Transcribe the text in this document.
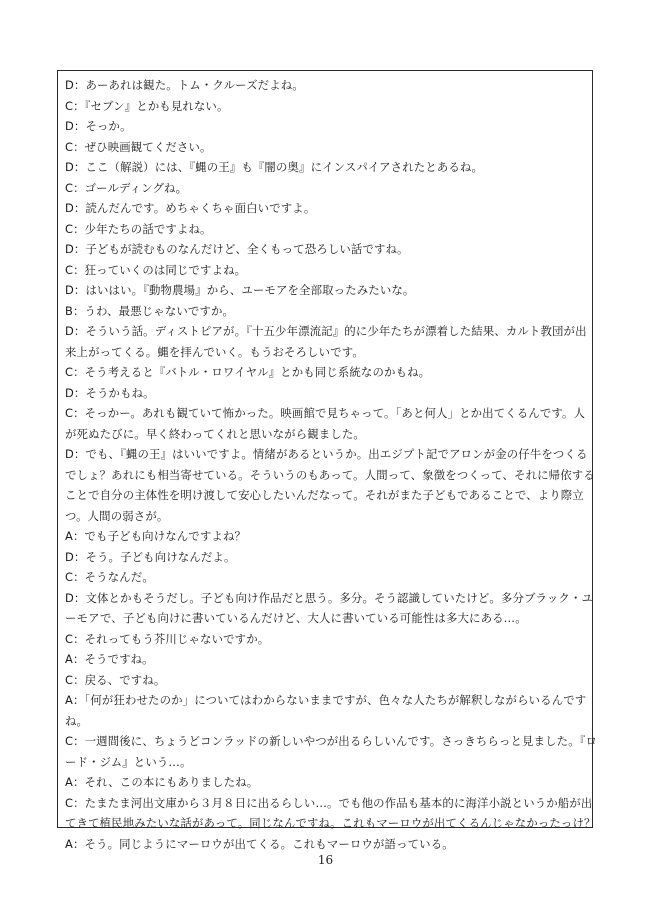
D：あーあれは観た。トム・クルーズだよね。
C：『セブン』とかも見れない。
D：そっか。
C：ぜひ映画観てください。
D：ここ（解説）には、『蝿の王』も『闇の奥』にインスパイアされたとあるね。
C：ゴールディングね。
D：読んだんです。めちゃくちゃ面白いですよ。
C：少年たちの話ですよね。
D：子どもが読むものなんだけど、全くもって恐ろしい話ですね。
C：狂っていくのは同じですよね。
D：はいはい。『動物農場』から、ユーモアを全部取ったみたいな。
B：うわ、最悪じゃないですか。
D：そういう話。ディストピアが。『十五少年漂流記』的に少年たちが漂着した結果、カルト教団が出
来上がってくる。蝿を拝んでいく。もうおそろしいです。
C：そう考えると『バトル・ロワイヤル』とかも同じ系統なのかもね。
D：そうかもね。
C：そっかー。あれも観ていて怖かった。映画館で見ちゃって。「あと何人」とか出てくるんです。人
が死ぬたびに。早く終わってくれと思いながら観ました。
D：でも、『蝿の王』はいいですよ。情緒があるというか。出エジプト記でアロンが金の仔牛をつくる
でしょ？あれにも相当寄せている。そういうのもあって。人間って、象徴をつくって、それに帰依する
ことで自分の主体性を明け渡して安心したいんだなって。それがまた子どもであることで、より際立
つ。人間の弱さが。
A：でも子ども向けなんですよね？
D：そう。子ども向けなんだよ。
C：そうなんだ。
D：文体とかもそうだし。子ども向け作品だと思う。多分。そう認識していたけど。多分ブラック・ユ
ーモアで、子ども向けに書いているんだけど、大人に書いている可能性は多大にある…。
C：それってもう芥川じゃないですか。
A：そうですね。
C：戻る、ですね。
A：「何が狂わせたのか」についてはわからないままですが、色々な人たちが解釈しながらいるんです
ね。
C：一週間後に、ちょうどコンラッドの新しいやつが出るらしいんです。さっきちらっと見ました。『ロ
ード・ジム』という…。
A：それ、この本にもありましたね。
C：たまたま河出文庫から３月８日に出るらしい…。でも他の作品も基本的に海洋小説というか船が出
てきて植民地みたいな話があって。同じなんですね。これもマーロウが出てくるんじゃなかったっけ？
A：そう。同じようにマーロウが出てくる。これもマーロウが語っている。
16
